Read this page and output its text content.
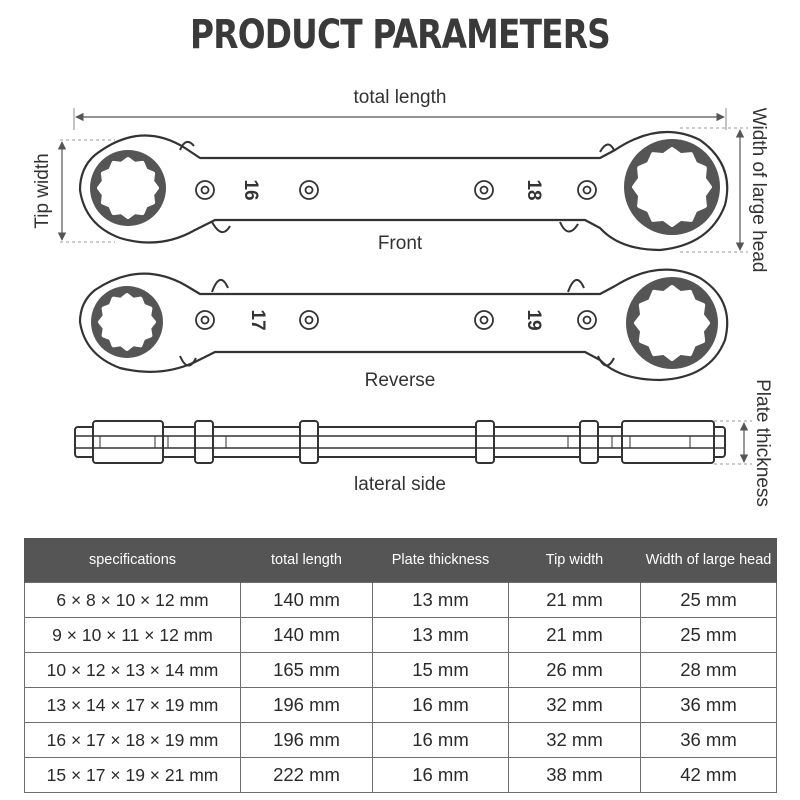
PRODUCT PARAMETERS
total length
Tip width	Width of large head
16	18
Front
17	19
Reverse
lateral side	Plate thickness
specifications	total length	Plate thickness	Tip width	Width of large head
6 × 8 × 10 × 12 mm	140 mm	13 mm	21 mm	25 mm
9 × 10 × 11 × 12 mm	140 mm	13 mm	21 mm	25 mm
10 × 12 × 13 × 14 mm	165 mm	15 mm	26 mm	28 mm
13 × 14 × 17 × 19 mm	196 mm	16 mm	32 mm	36 mm
16 × 17 × 18 × 19 mm	196 mm	16 mm	32 mm	36 mm
15 × 17 × 19 × 21 mm	222 mm	16 mm	38 mm	42 mm
